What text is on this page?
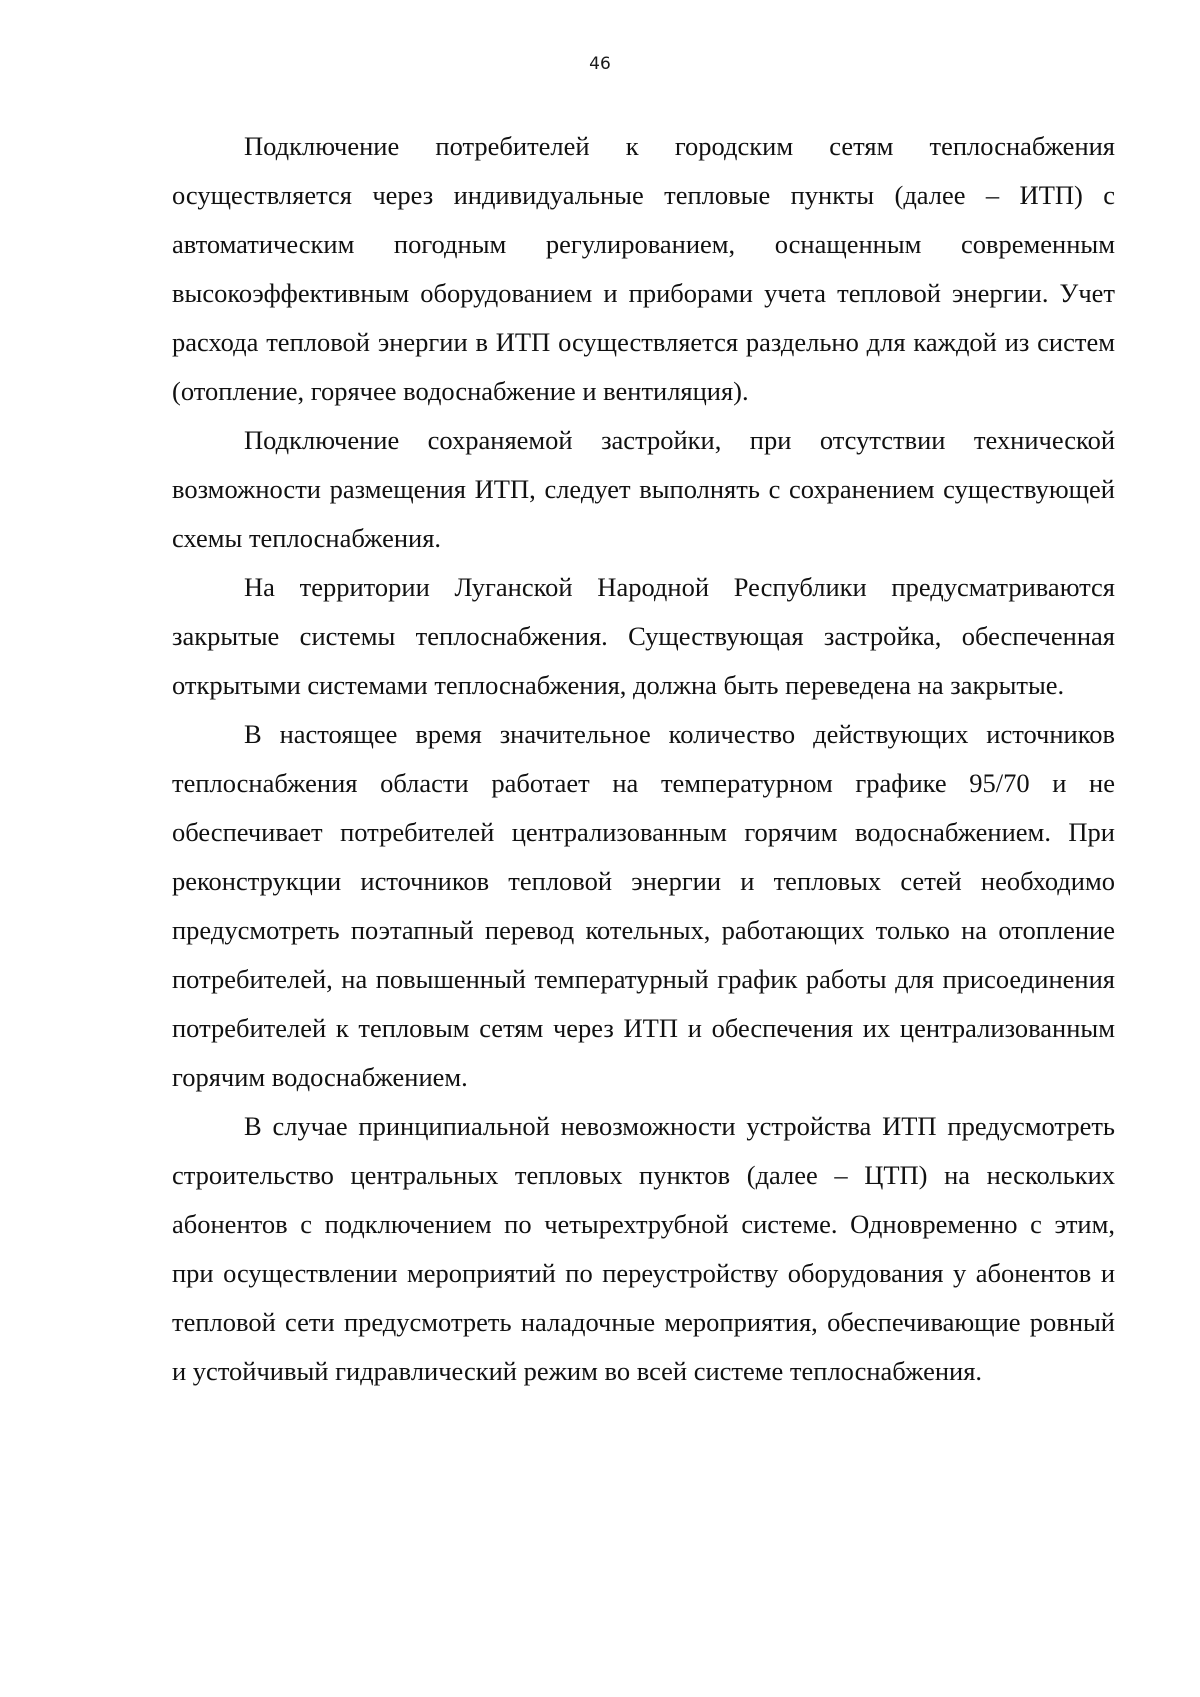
46

Подключение потребителей к городским сетям теплоснабжения осуществляется через индивидуальные тепловые пункты (далее – ИТП) с автоматическим погодным регулированием, оснащенным современным высокоэффективным оборудованием и приборами учета тепловой энергии. Учет расхода тепловой энергии в ИТП осуществляется раздельно для каждой из систем (отопление, горячее водоснабжение и вентиляция).

Подключение сохраняемой застройки, при отсутствии технической возможности размещения ИТП, следует выполнять с сохранением существующей схемы теплоснабжения.

На территории Луганской Народной Республики предусматриваются закрытые системы теплоснабжения. Существующая застройка, обеспеченная открытыми системами теплоснабжения, должна быть переведена на закрытые.

В настоящее время значительное количество действующих источников теплоснабжения области работает на температурном графике 95/70 и не обеспечивает потребителей централизованным горячим водоснабжением. При реконструкции источников тепловой энергии и тепловых сетей необходимо предусмотреть поэтапный перевод котельных, работающих только на отопление потребителей, на повышенный температурный график работы для присоединения потребителей к тепловым сетям через ИТП и обеспечения их централизованным горячим водоснабжением.

В случае принципиальной невозможности устройства ИТП предусмотреть строительство центральных тепловых пунктов (далее – ЦТП) на нескольких абонентов с подключением по четырехтрубной системе. Одновременно с этим, при осуществлении мероприятий по переустройству оборудования у абонентов и тепловой сети предусмотреть наладочные мероприятия, обеспечивающие ровный и устойчивый гидравлический режим во всей системе теплоснабжения.
